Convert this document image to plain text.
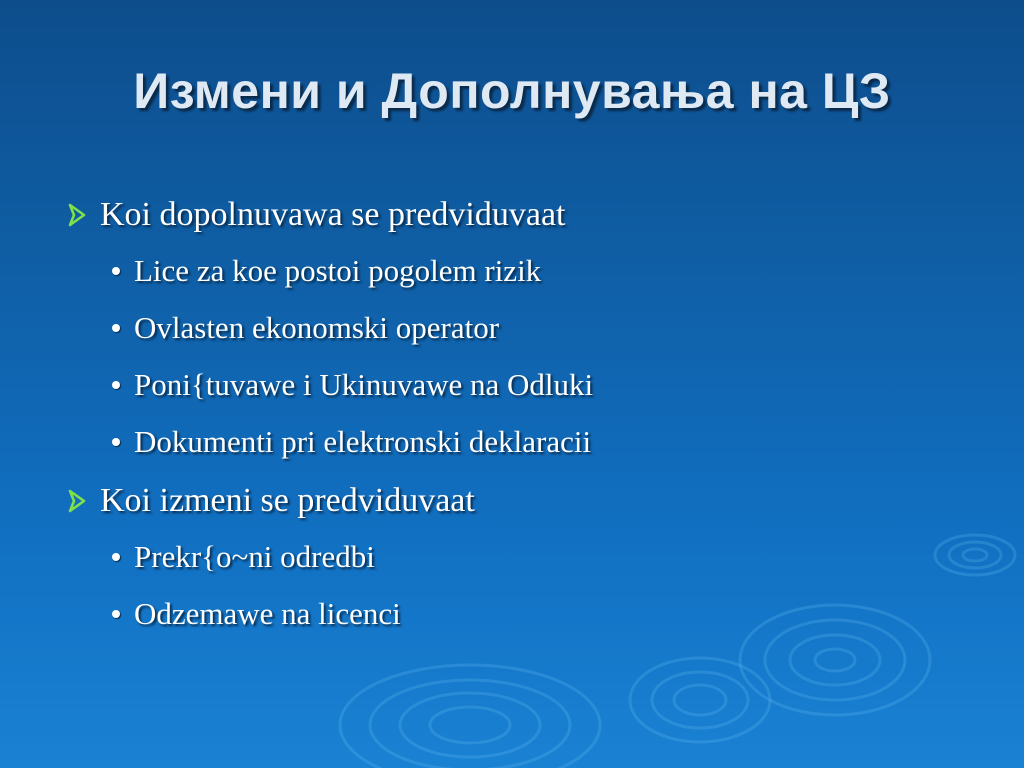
Измени и Дополнувања на ЦЗ
Koi dopolnuvawa se predviduvaat
Lice za koe postoi pogolem rizik
Ovlasten ekonomski operator
Poni{tuvawe i Ukinuvawe na Odluki
Dokumenti pri elektronski deklaracii
Koi izmeni se predviduvaat
Prekr{o~ni odredbi
Odzemawe na licenci
